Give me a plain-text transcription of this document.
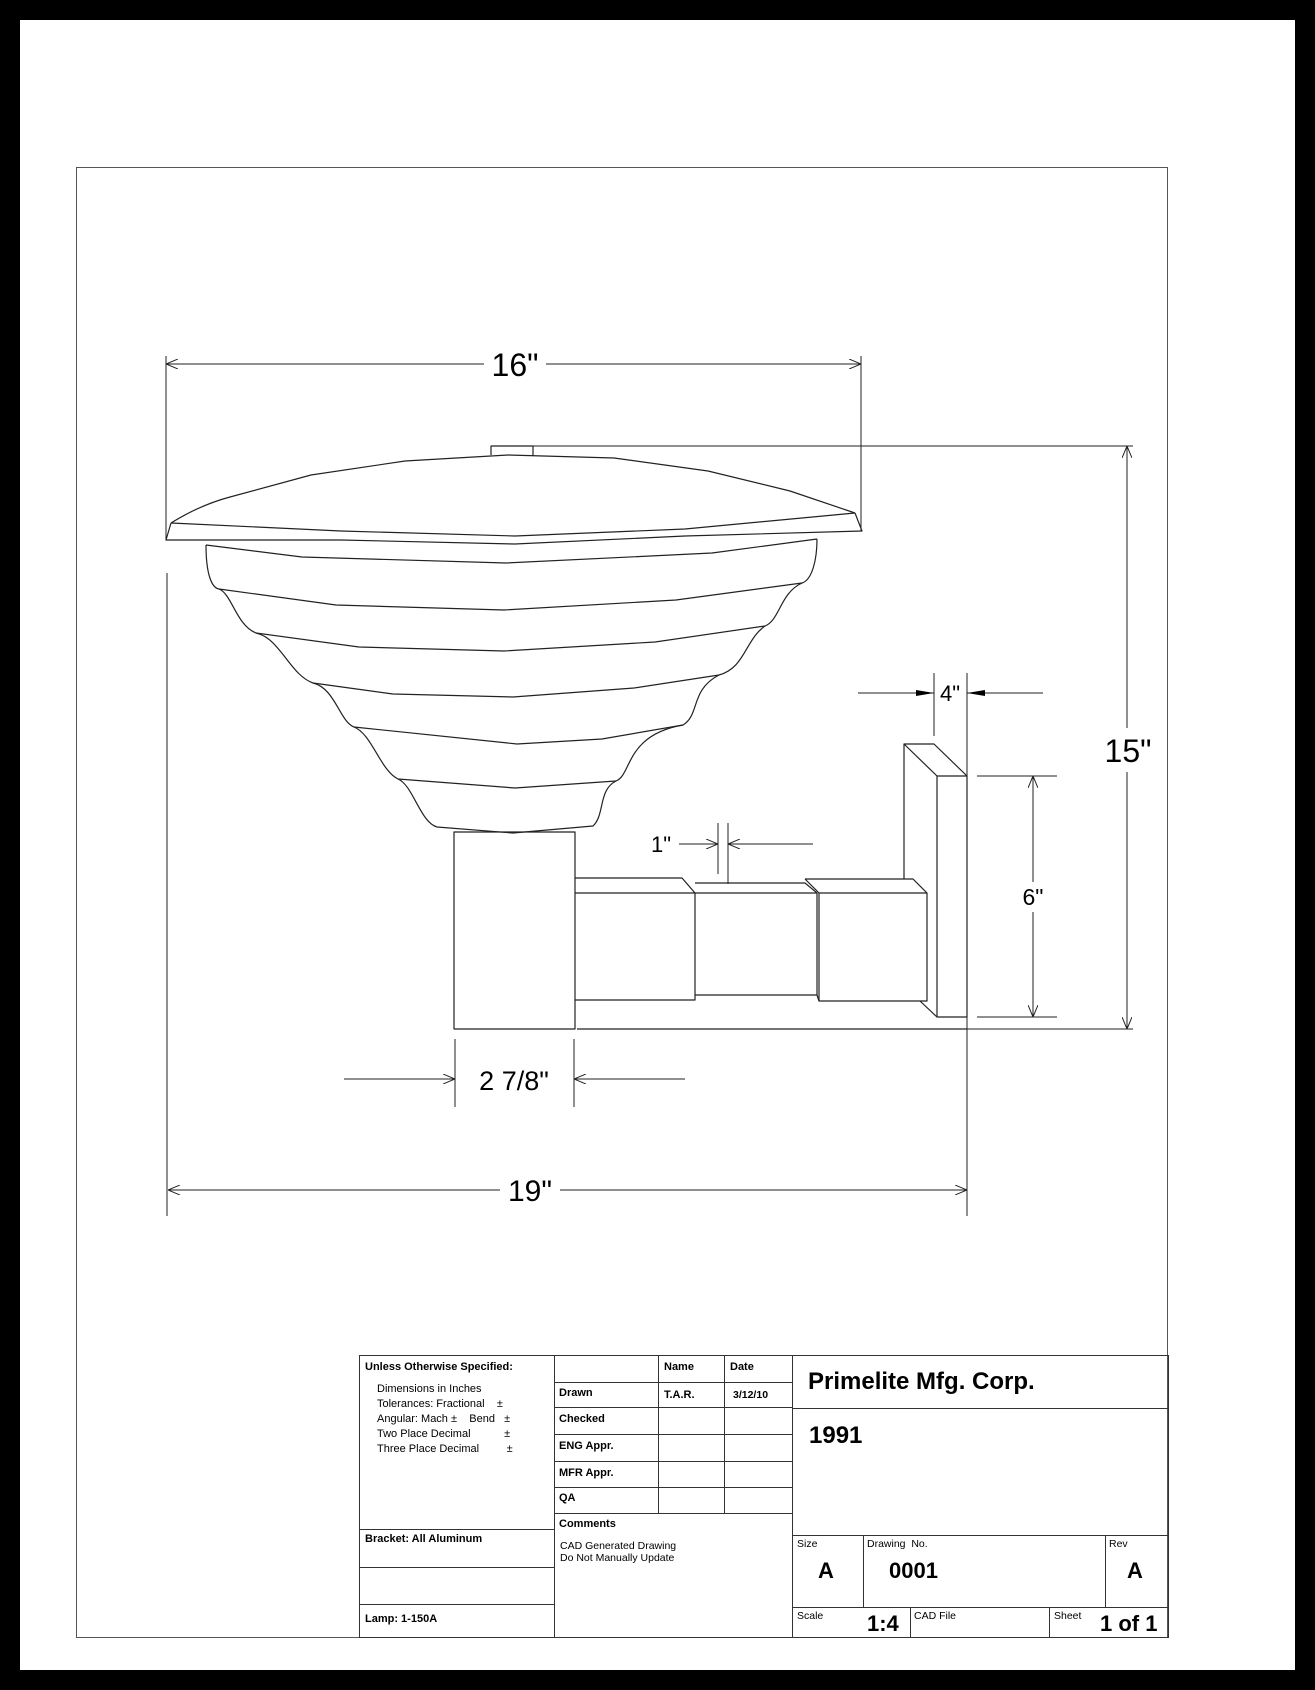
16"
15"
6"
4"
1"
2 7/8"
19"
Unless Otherwise Specified:
Dimensions in Inches
Tolerances: Fractional    ±
Angular: Mach ±    Bend   ±
Two Place Decimal           ±
Three Place Decimal         ±
Bracket: All Aluminum
Lamp: 1-150A
Name	Date
Drawn	T.A.R.	3/12/10
Checked
ENG Appr.
MFR Appr.
QA
Comments
CAD Generated Drawing
Do Not Manually Update
Primelite Mfg. Corp.
1991
Size
A
Drawing  No.
0001
Rev
A
Scale 1:4 CAD File	Sheet 1 of 1
